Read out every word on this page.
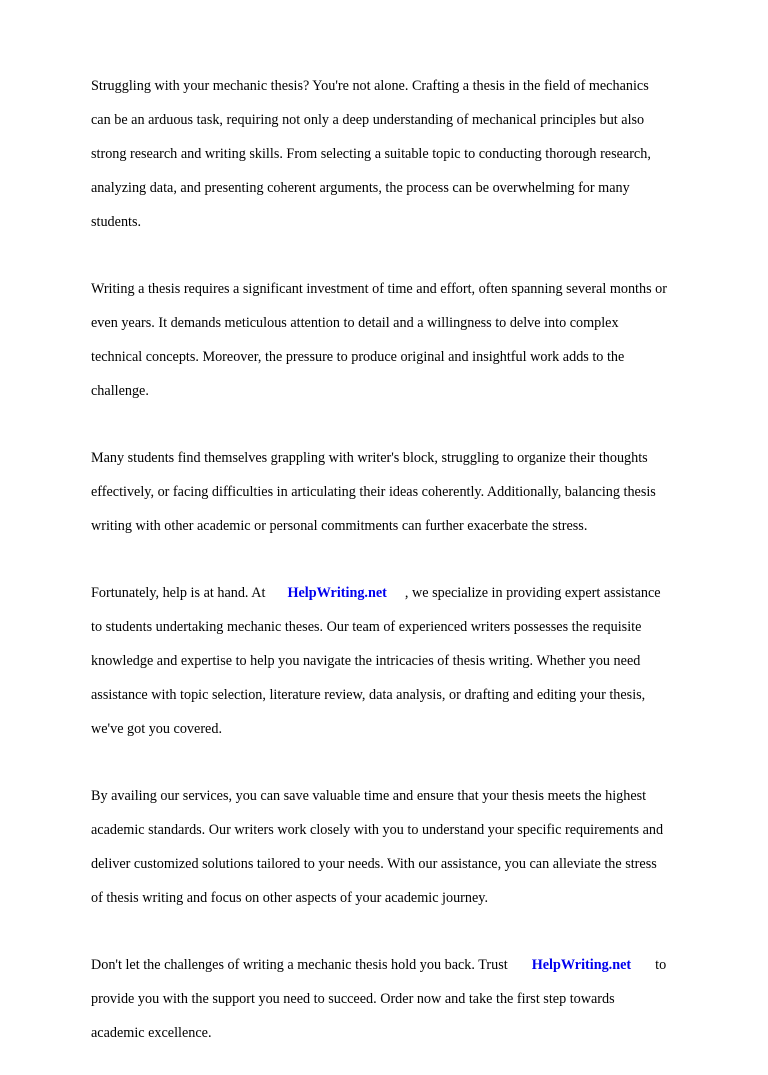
Struggling with your mechanic thesis? You're not alone. Crafting a thesis in the field of mechanics

can be an arduous task, requiring not only a deep understanding of mechanical principles but also

strong research and writing skills. From selecting a suitable topic to conducting thorough research,

analyzing data, and presenting coherent arguments, the process can be overwhelming for many

students.

Writing a thesis requires a significant investment of time and effort, often spanning several months or

even years. It demands meticulous attention to detail and a willingness to delve into complex

technical concepts. Moreover, the pressure to produce original and insightful work adds to the

challenge.

Many students find themselves grappling with writer's block, struggling to organize their thoughts

effectively, or facing difficulties in articulating their ideas coherently. Additionally, balancing thesis

writing with other academic or personal commitments can further exacerbate the stress.

Fortunately, help is at hand. At HelpWriting.net , we specialize in providing expert assistance

to students undertaking mechanic theses. Our team of experienced writers possesses the requisite

knowledge and expertise to help you navigate the intricacies of thesis writing. Whether you need

assistance with topic selection, literature review, data analysis, or drafting and editing your thesis,

we've got you covered.

By availing our services, you can save valuable time and ensure that your thesis meets the highest

academic standards. Our writers work closely with you to understand your specific requirements and

deliver customized solutions tailored to your needs. With our assistance, you can alleviate the stress

of thesis writing and focus on other aspects of your academic journey.

Don't let the challenges of writing a mechanic thesis hold you back. Trust HelpWriting.net to

provide you with the support you need to succeed. Order now and take the first step towards

academic excellence.
